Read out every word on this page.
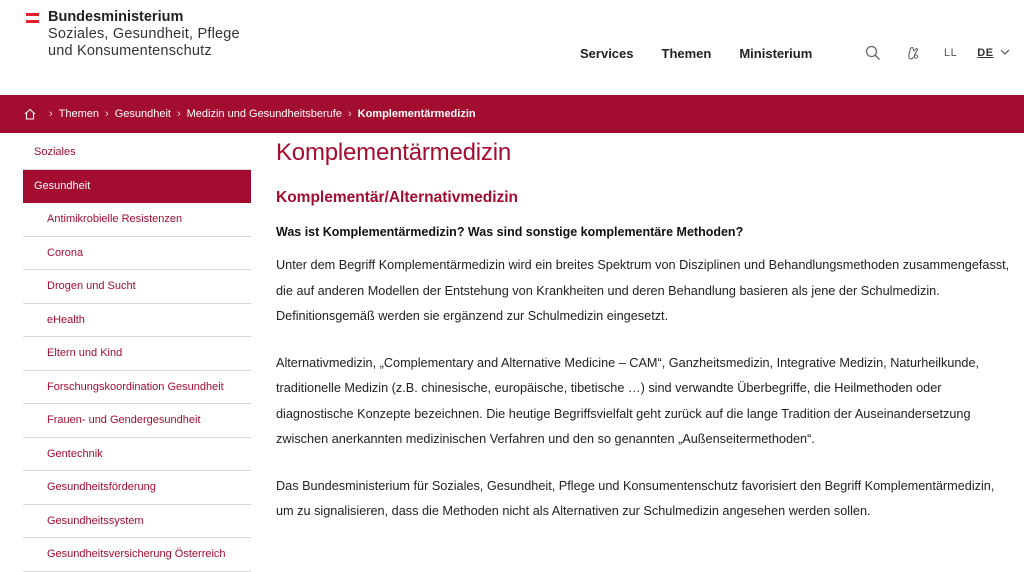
Bundesministerium
Soziales, Gesundheit, Pflege
und Konsumentenschutz	Services Themen Ministerium	LL DE
› Themen › Gesundheit › Medizin und Gesundheitsberufe › Komplementärmedizin
Soziales
Gesundheit
Antimikrobielle Resistenzen
Corona
Drogen und Sucht
eHealth
Eltern und Kind
Forschungskoordination Gesundheit
Frauen- und Gendergesundheit
Gentechnik
Gesundheitsförderung
Gesundheitssystem
Gesundheitsversicherung Österreich
Komplementärmedizin
Komplementär/Alternativmedizin
Was ist Komplementärmedizin? Was sind sonstige komplementäre Methoden?

Unter dem Begriff Komplementärmedizin wird ein breites Spektrum von Disziplinen und Behandlungsmethoden zusammengefasst, die auf anderen Modellen der Entstehung von Krankheiten und deren Behandlung basieren als jene der Schulmedizin. Definitionsgemäß werden sie ergänzend zur Schulmedizin eingesetzt.

Alternativmedizin, „Complementary and Alternative Medicine – CAM“, Ganzheitsmedizin, Integrative Medizin, Naturheilkunde, traditionelle Medizin (z.B. chinesische, europäische, tibetische …) sind verwandte Überbegriffe, die Heilmethoden oder diagnostische Konzepte bezeichnen. Die heutige Begriffsvielfalt geht zurück auf die lange Tradition der Auseinandersetzung zwischen anerkannten medizinischen Verfahren und den so genannten „Außenseitermethoden“.

Das Bundesministerium für Soziales, Gesundheit, Pflege und Konsumentenschutz favorisiert den Begriff Komplementärmedizin, um zu signalisieren, dass die Methoden nicht als Alternativen zur Schulmedizin angesehen werden sollen.
